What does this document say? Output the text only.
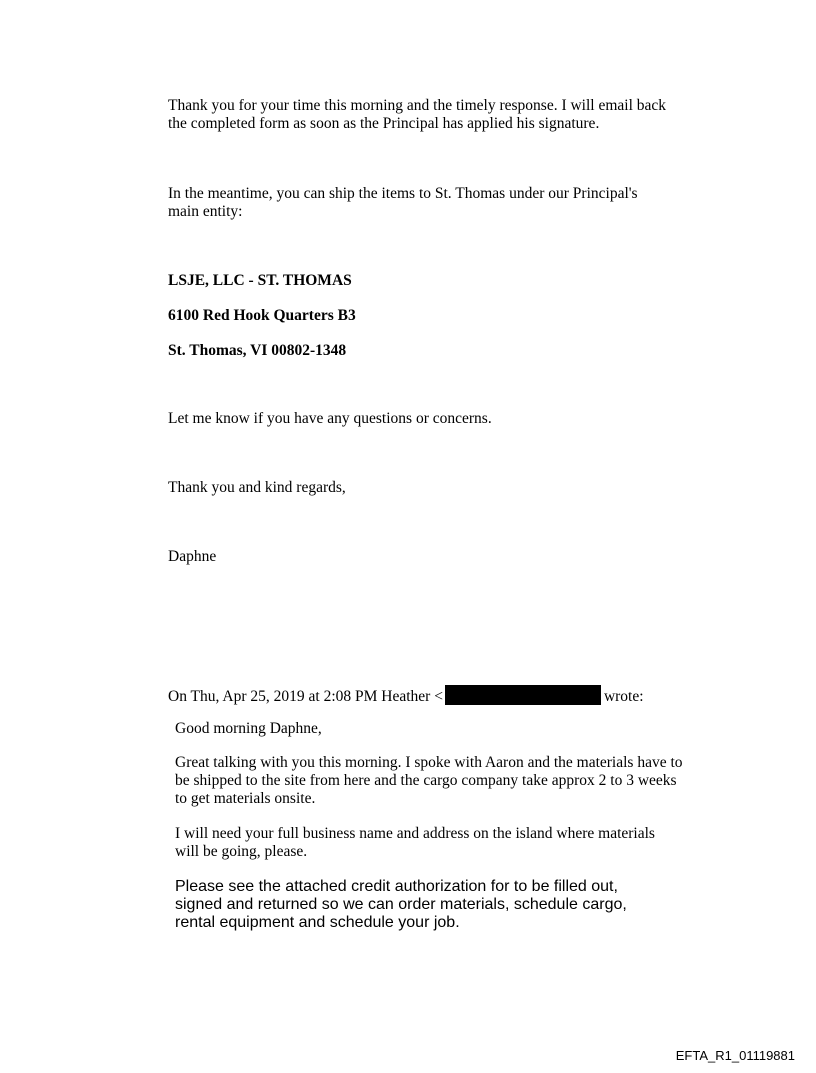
Thank you for your time this morning and the timely response. I will email back the completed form as soon as the Principal has applied his signature.

In the meantime, you can ship the items to St. Thomas under our Principal's main entity:

LSJE, LLC - ST. THOMAS

6100 Red Hook Quarters B3

St. Thomas, VI 00802-1348

Let me know if you have any questions or concerns.

Thank you and kind regards,

Daphne

On Thu, Apr 25, 2019 at 2:08 PM Heather <	wrote:

Good morning Daphne,

Great talking with you this morning. I spoke with Aaron and the materials have to be shipped to the site from here and the cargo company take approx 2 to 3 weeks to get materials onsite.

I will need your full business name and address on the island where materials will be going, please.

Please see the attached credit authorization for to be filled out, signed and returned so we can order materials, schedule cargo, rental equipment and schedule your job.

EFTA_R1_01119881
